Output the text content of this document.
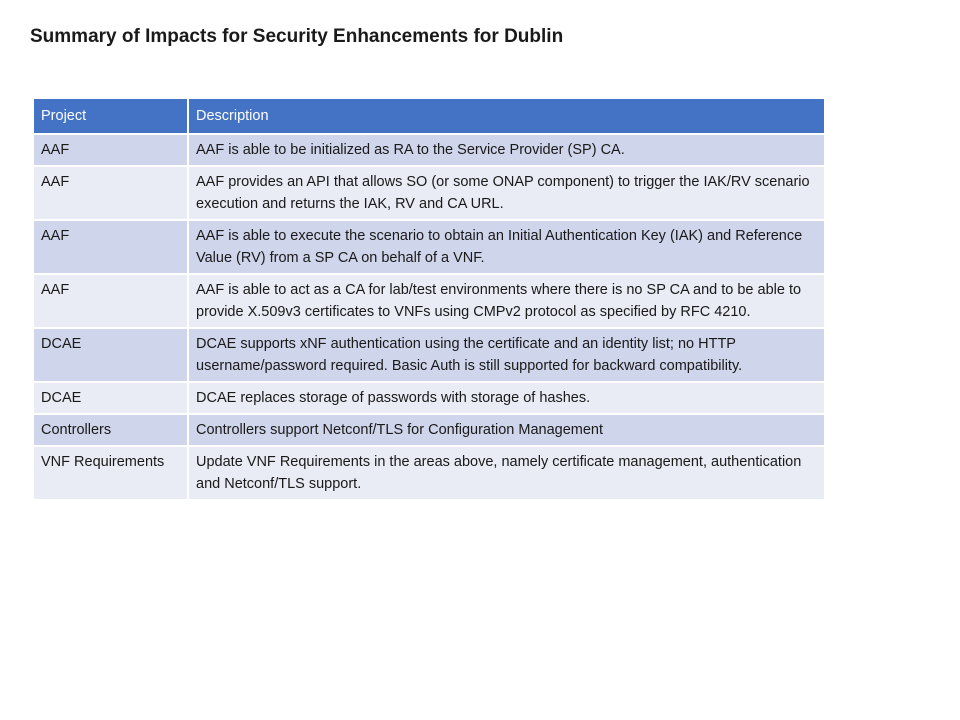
Summary of Impacts for Security Enhancements for Dublin
Project	Description
AAF	AAF is able to be initialized as RA to the Service Provider (SP) CA.
AAF	AAF provides an API that allows SO (or some ONAP component) to trigger the IAK/RV scenario execution and returns the IAK, RV and CA URL.
AAF	AAF is able to execute the scenario to obtain an Initial Authentication Key (IAK) and Reference Value (RV) from a SP CA on behalf of a VNF.
AAF	AAF is able to act as a CA for lab/test environments where there is no SP CA and to be able to provide X.509v3 certificates to VNFs using CMPv2 protocol as specified by RFC 4210.
DCAE	DCAE supports xNF authentication using the certificate and an identity list; no HTTP username/password required. Basic Auth is still supported for backward compatibility.
DCAE	DCAE replaces storage of passwords with storage of hashes.
Controllers	Controllers support Netconf/TLS for Configuration Management
VNF Requirements	Update VNF Requirements in the areas above, namely certificate management, authentication and Netconf/TLS support.
